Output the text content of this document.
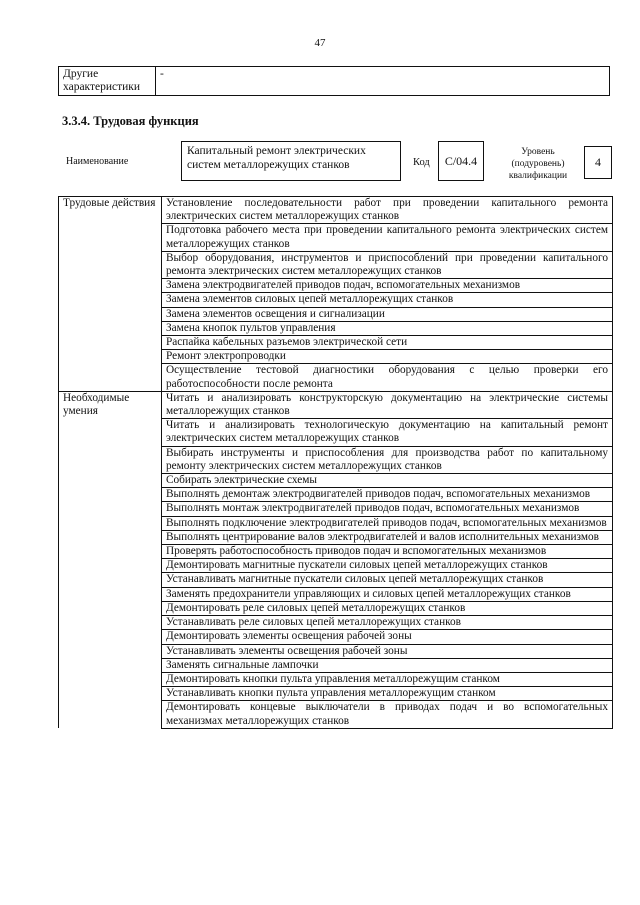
47
Другие характеристики	-
3.3.4. Трудовая функция
Наименование
Капитальный ремонт электрических систем металлорежущих станков	Код	С/04.4
Уровень (подуровень) квалификации
4
Трудовые действия	Установление последовательности работ при проведении капитального ремонта электрических систем металлорежущих станков
	Подготовка рабочего места при проведении капитального ремонта электрических систем металлорежущих станков
	Выбор оборудования, инструментов и приспособлений при проведении капитального ремонта электрических систем металлорежущих станков
	Замена электродвигателей приводов подач, вспомогательных механизмов
	Замена элементов силовых цепей металлорежущих станков
	Замена элементов освещения и сигнализации
	Замена кнопок пультов управления
	Распайка кабельных разъемов электрической сети
	Ремонт электропроводки
	Осуществление тестовой диагностики оборудования с целью проверки его работоспособности после ремонта
Необходимые умения	Читать и анализировать конструкторскую документацию на электрические системы металлорежущих станков
	Читать и анализировать технологическую документацию на капитальный ремонт электрических систем металлорежущих станков
	Выбирать инструменты и приспособления для производства работ по капитальному ремонту электрических систем металлорежущих станков
	Собирать электрические схемы
	Выполнять демонтаж электродвигателей приводов подач, вспомогательных механизмов
	Выполнять монтаж электродвигателей приводов подач, вспомогательных механизмов
	Выполнять подключение электродвигателей приводов подач, вспомогательных механизмов
	Выполнять центрирование валов электродвигателей и валов исполнительных механизмов
	Проверять работоспособность приводов подач и вспомогательных механизмов
	Демонтировать магнитные пускатели силовых цепей металлорежущих станков
	Устанавливать магнитные пускатели силовых цепей металлорежущих станков
	Заменять предохранители управляющих и силовых цепей металлорежущих станков
	Демонтировать реле силовых цепей металлорежущих станков
	Устанавливать реле силовых цепей металлорежущих станков
	Демонтировать элементы освещения рабочей зоны
	Устанавливать элементы освещения рабочей зоны
	Заменять сигнальные лампочки
	Демонтировать кнопки пульта управления металлорежущим станком
	Устанавливать кнопки пульта управления металлорежущим станком
	Демонтировать концевые выключатели в приводах подач и во вспомогательных механизмах металлорежущих станков
